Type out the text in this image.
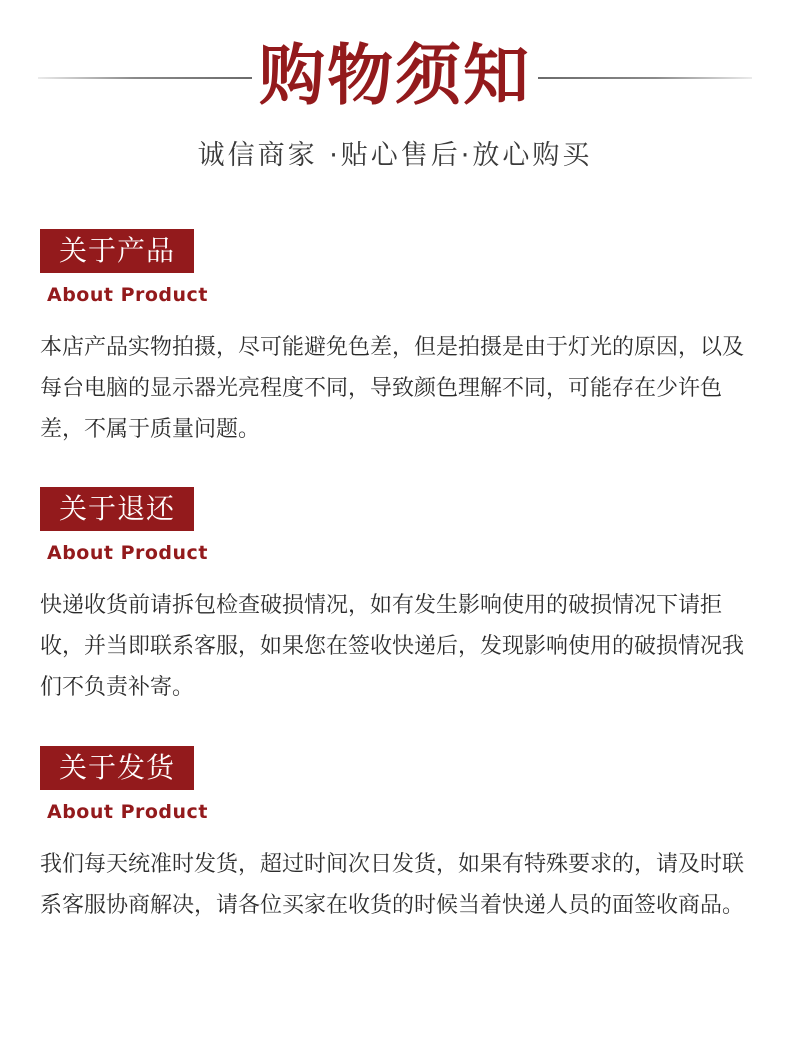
购物须知
诚信商家 ·贴心售后·放心购买
关于产品
About Product
本店产品实物拍摄，尽可能避免色差，但是拍摄是由于灯光的原因，以及每台电脑的显示器光亮程度不同，导致颜色理解不同，可能存在少许色差，不属于质量问题。
关于退还
About Product
快递收货前请拆包检查破损情况，如有发生影响使用的破损情况下请拒收，并当即联系客服，如果您在签收快递后，发现影响使用的破损情况我们不负责补寄。
关于发货
About Product
我们每天统准时发货，超过时间次日发货，如果有特殊要求的，请及时联系客服协商解决，请各位买家在收货的时候当着快递人员的面签收商品。
